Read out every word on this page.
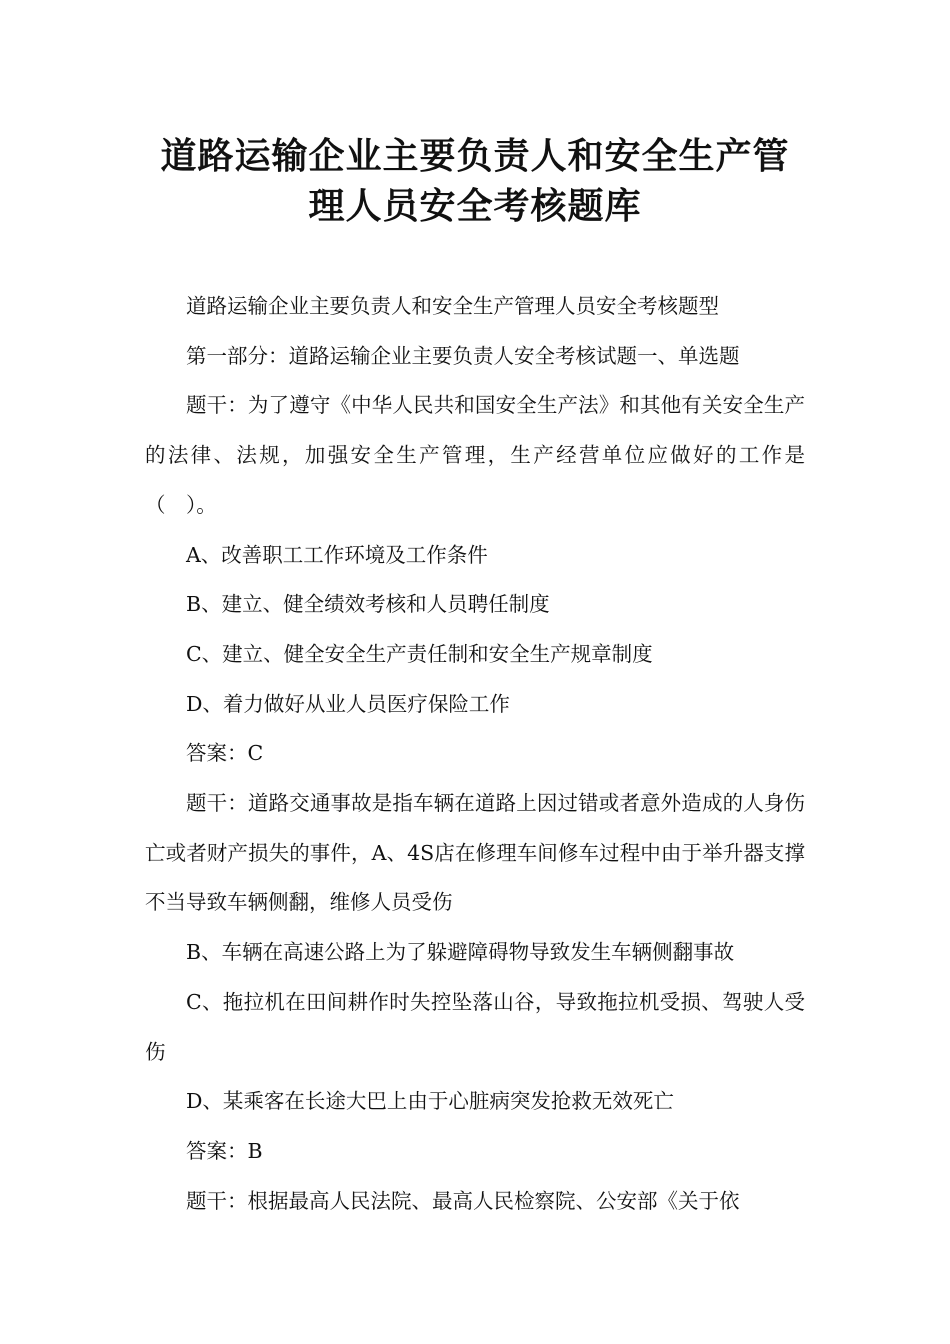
道路运输企业主要负责人和安全生产管
理人员安全考核题库

道路运输企业主要负责人和安全生产管理人员安全考核题型

第一部分：道路运输企业主要负责人安全考核试题一、单选题

题干：为了遵守《中华人民共和国安全生产法》和其他有关安全生产的法律、法规，加强安全生产管理，生产经营单位应做好的工作是（　）。

A、改善职工工作环境及工作条件

B、建立、健全绩效考核和人员聘任制度

C、建立、健全安全生产责任制和安全生产规章制度

D、着力做好从业人员医疗保险工作

答案：C

题干：道路交通事故是指车辆在道路上因过错或者意外造成的人身伤亡或者财产损失的事件，A、4S店在修理车间修车过程中由于举升器支撑不当导致车辆侧翻，维修人员受伤

B、车辆在高速公路上为了躲避障碍物导致发生车辆侧翻事故

C、拖拉机在田间耕作时失控坠落山谷，导致拖拉机受损、驾驶人受伤

D、某乘客在长途大巴上由于心脏病突发抢救无效死亡

答案：B

题干：根据最高人民法院、最高人民检察院、公安部《关于依
